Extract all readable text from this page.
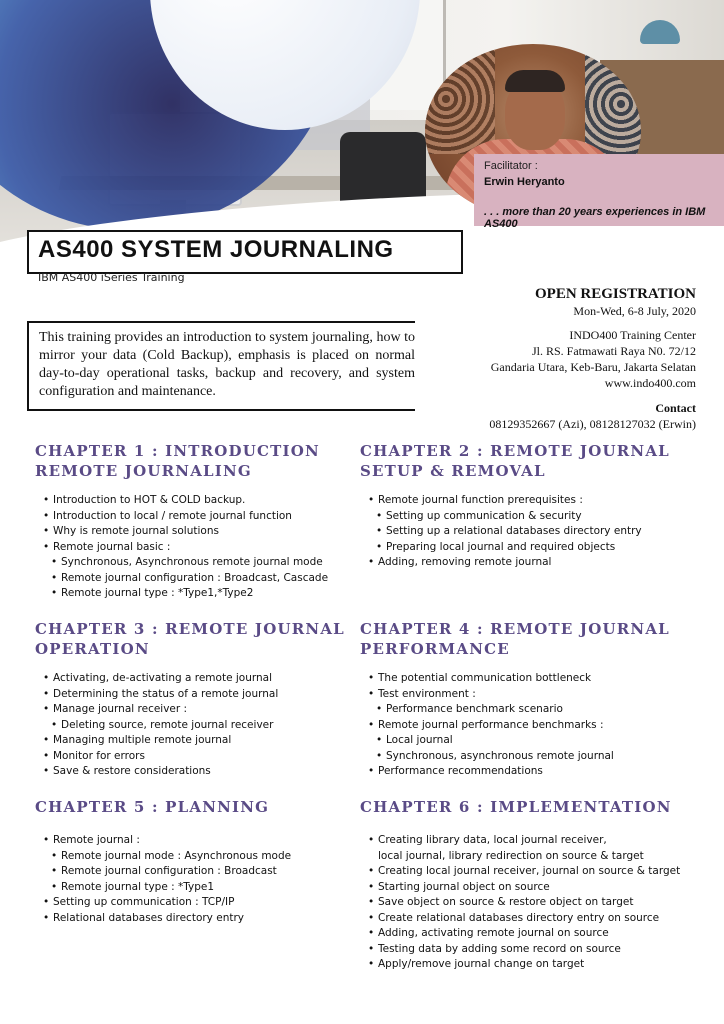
Facilitator :
Erwin Heryanto
. . . more than 20 years experiences in IBM AS400
AS400 SYSTEM JOURNALING
IBM AS400 iSeries Training
OPEN REGISTRATION
Mon-Wed, 6-8 July, 2020
INDO400 Training Center
Jl. RS. Fatmawati Raya N0. 72/12
Gandaria Utara, Keb-Baru, Jakarta Selatan
www.indo400.com
Contact
08129352667 (Azi), 08128127032 (Erwin)
This training provides an introduction to system journaling, how to mirror your data (Cold Backup), emphasis is placed on normal day-to-day operational tasks, backup and recovery, and system configuration and maintenance.
CHAPTER 1 : INTRODUCTION
REMOTE JOURNALING
• Introduction to HOT & COLD backup.
• Introduction to local / remote journal function
• Why is remote journal solutions
• Remote journal basic :
• Synchronous, Asynchronous remote journal mode
• Remote journal configuration : Broadcast, Cascade
• Remote journal type : *Type1,*Type2
CHAPTER 2 : REMOTE JOURNAL
SETUP & REMOVAL
• Remote journal function prerequisites :
• Setting up communication & security
• Setting up a relational databases directory entry
• Preparing local journal and required objects
• Adding, removing remote journal
CHAPTER 3 : REMOTE JOURNAL
OPERATION
• Activating, de-activating a remote journal
• Determining the status of a remote journal
• Manage journal receiver :
• Deleting source, remote journal receiver
• Managing multiple remote journal
• Monitor for errors
• Save & restore considerations
CHAPTER 4 : REMOTE JOURNAL
PERFORMANCE
• The potential communication bottleneck
• Test environment :
• Performance benchmark scenario
• Remote journal performance benchmarks :
• Local journal
• Synchronous, asynchronous remote journal
• Performance recommendations
CHAPTER 5 : PLANNING
• Remote journal :
• Remote journal mode : Asynchronous mode
• Remote journal configuration : Broadcast
• Remote journal type : *Type1
• Setting up communication : TCP/IP
• Relational databases directory entry
CHAPTER 6 : IMPLEMENTATION
• Creating library data, local journal receiver,
local journal, library redirection on source & target
• Creating local journal receiver, journal on source & target
• Starting journal object on source
• Save object on source & restore object on target
• Create relational databases directory entry on source
• Adding, activating remote journal on source
• Testing data by adding some record on source
• Apply/remove journal change on target
